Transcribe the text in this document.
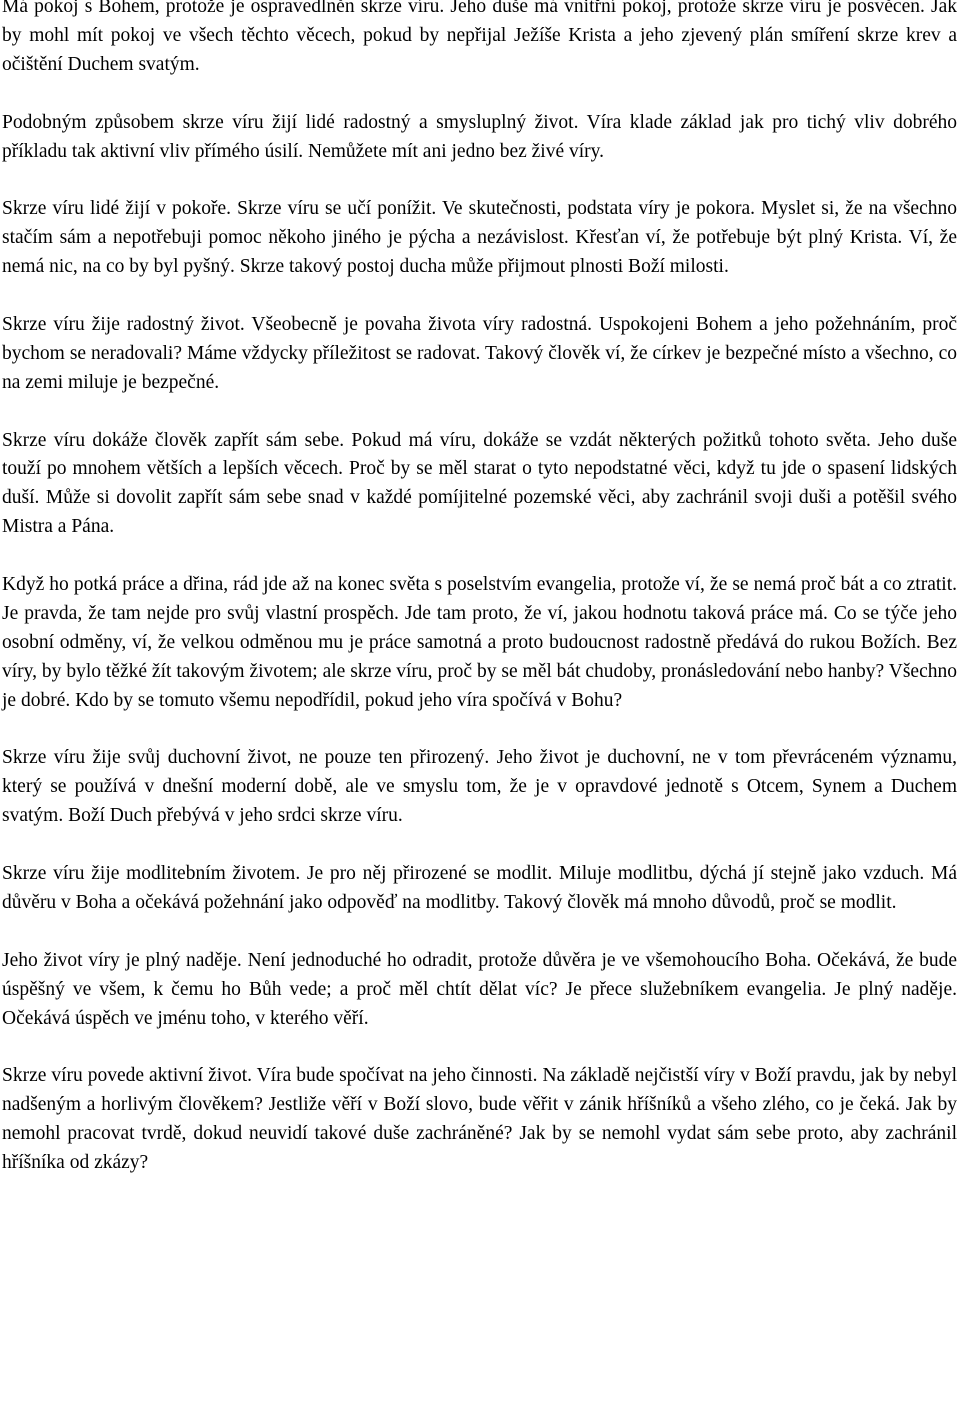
Má pokoj s Bohem, protože je ospravedlněn skrze víru. Jeho duše má vnitřní pokoj, protože skrze víru je posvěcen. Jak by mohl mít pokoj ve všech těchto věcech, pokud by nepřijal Ježíše Krista a jeho zjevený plán smíření skrze krev a očištění Duchem svatým.

Podobným způsobem skrze víru žijí lidé radostný a smysluplný život. Víra klade základ jak pro tichý vliv dobrého příkladu tak aktivní vliv přímého úsilí. Nemůžete mít ani jedno bez živé víry.

Skrze víru lidé žijí v pokoře. Skrze víru se učí ponížit. Ve skutečnosti, podstata víry je pokora. Myslet si, že na všechno stačím sám a nepotřebuji pomoc někoho jiného je pýcha a nezávislost. Křesťan ví, že potřebuje být plný Krista. Ví, že nemá nic, na co by byl pyšný. Skrze takový postoj ducha může přijmout plnosti Boží milosti.

Skrze víru žije radostný život. Všeobecně je povaha života víry radostná. Uspokojeni Bohem a jeho požehnáním, proč bychom se neradovali? Máme vždycky příležitost se radovat. Takový člověk ví, že církev je bezpečné místo a všechno, co na zemi miluje je bezpečné.

Skrze víru dokáže člověk zapřít sám sebe. Pokud má víru, dokáže se vzdát některých požitků tohoto světa. Jeho duše touží po mnohem větších a lepších věcech. Proč by se měl starat o tyto nepodstatné věci, když tu jde o spasení lidských duší. Může si dovolit zapřít sám sebe snad v každé pomíjitelné pozemské věci, aby zachránil svoji duši a potěšil svého Mistra a Pána.

Když ho potká práce a dřina, rád jde až na konec světa s poselstvím evangelia, protože ví, že se nemá proč bát a co ztratit. Je pravda, že tam nejde pro svůj vlastní prospěch. Jde tam proto, že ví, jakou hodnotu taková práce má. Co se týče jeho osobní odměny, ví, že velkou odměnou mu je práce samotná a proto budoucnost radostně předává do rukou Božích. Bez víry, by bylo těžké žít takovým životem; ale skrze víru, proč by se měl bát chudoby, pronásledování nebo hanby? Všechno je dobré. Kdo by se tomuto všemu nepodřídil, pokud jeho víra spočívá v Bohu?

Skrze víru žije svůj duchovní život, ne pouze ten přirozený. Jeho život je duchovní, ne v tom převráceném významu, který se používá v dnešní moderní době, ale ve smyslu tom, že je v opravdové jednotě s Otcem, Synem a Duchem svatým. Boží Duch přebývá v jeho srdci skrze víru.

Skrze víru žije modlitebním životem. Je pro něj přirozené se modlit. Miluje modlitbu, dýchá jí stejně jako vzduch. Má důvěru v Boha a očekává požehnání jako odpověď na modlitby. Takový člověk má mnoho důvodů, proč se modlit.

Jeho život víry je plný naděje. Není jednoduché ho odradit, protože důvěra je ve všemohoucího Boha. Očekává, že bude úspěšný ve všem, k čemu ho Bůh vede; a proč měl chtít dělat víc? Je přece služebníkem evangelia. Je plný naděje. Očekává úspěch ve jménu toho, v kterého věří.

Skrze víru povede aktivní život. Víra bude spočívat na jeho činnosti. Na základě nejčistší víry v Boží pravdu, jak by nebyl nadšeným a horlivým člověkem? Jestliže věří v Boží slovo, bude věřit v zánik hříšníků a všeho zlého, co je čeká. Jak by nemohl pracovat tvrdě, dokud neuvidí takové duše zachráněné? Jak by se nemohl vydat sám sebe proto, aby zachránil hříšníka od zkázy?
